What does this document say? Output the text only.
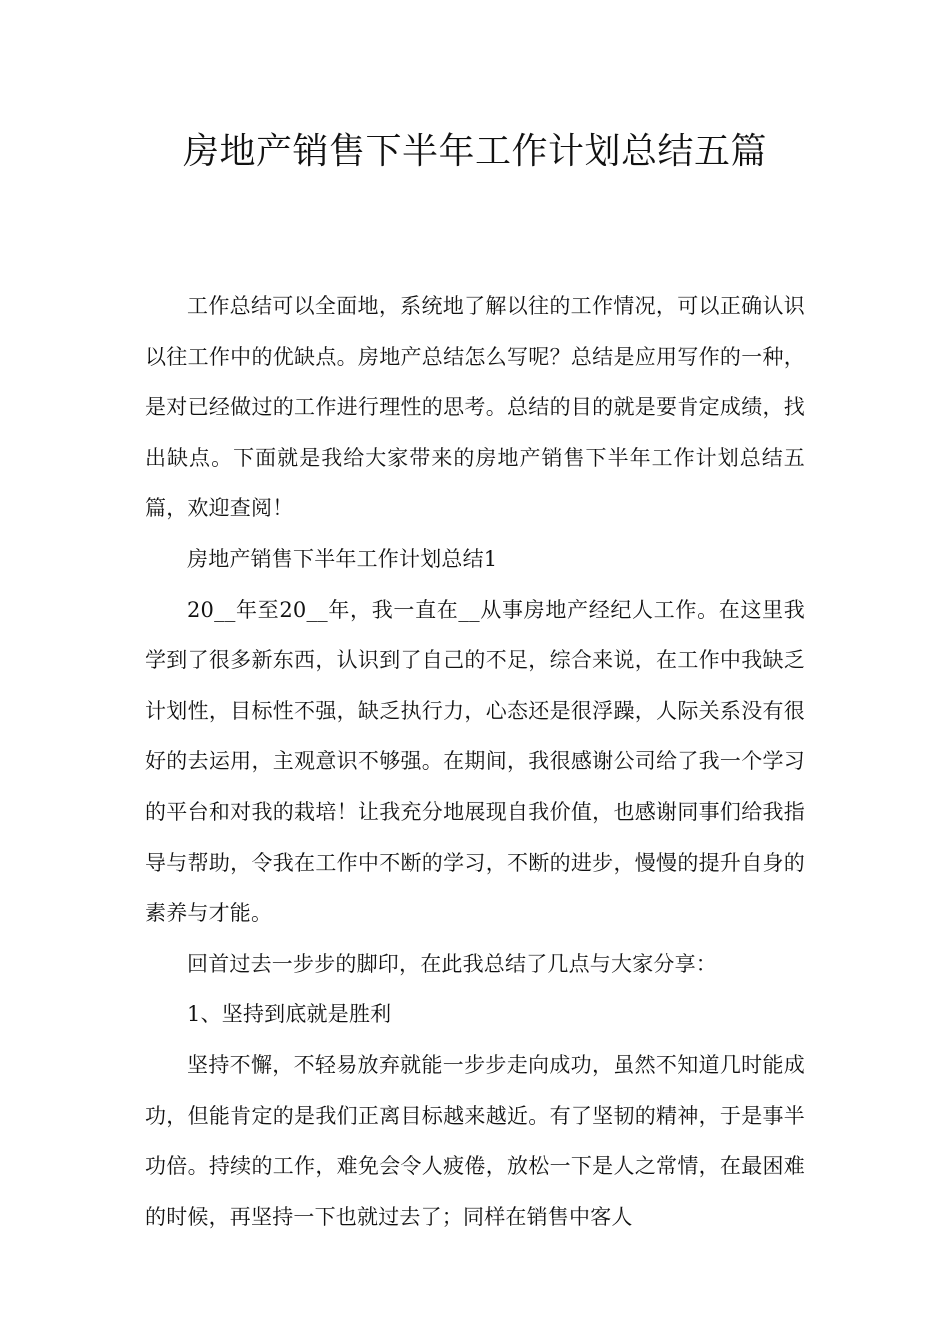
房地产销售下半年工作计划总结五篇

工作总结可以全面地，系统地了解以往的工作情况，可以正确认识以往工作中的优缺点。房地产总结怎么写呢？总结是应用写作的一种，是对已经做过的工作进行理性的思考。总结的目的就是要肯定成绩，找出缺点。下面就是我给大家带来的房地产销售下半年工作计划总结五篇，欢迎查阅！

房地产销售下半年工作计划总结1

20__年至20__年，我一直在__从事房地产经纪人工作。在这里我学到了很多新东西，认识到了自己的不足，综合来说，在工作中我缺乏计划性，目标性不强，缺乏执行力，心态还是很浮躁，人际关系没有很好的去运用，主观意识不够强。在期间，我很感谢公司给了我一个学习的平台和对我的栽培！让我充分地展现自我价值，也感谢同事们给我指导与帮助，令我在工作中不断的学习，不断的进步，慢慢的提升自身的素养与才能。

回首过去一步步的脚印，在此我总结了几点与大家分享：

1、坚持到底就是胜利

坚持不懈，不轻易放弃就能一步步走向成功，虽然不知道几时能成功，但能肯定的是我们正离目标越来越近。有了坚韧的精神，于是事半功倍。持续的工作，难免会令人疲倦，放松一下是人之常情，在最困难的时候，再坚持一下也就过去了；同样在销售中客人
